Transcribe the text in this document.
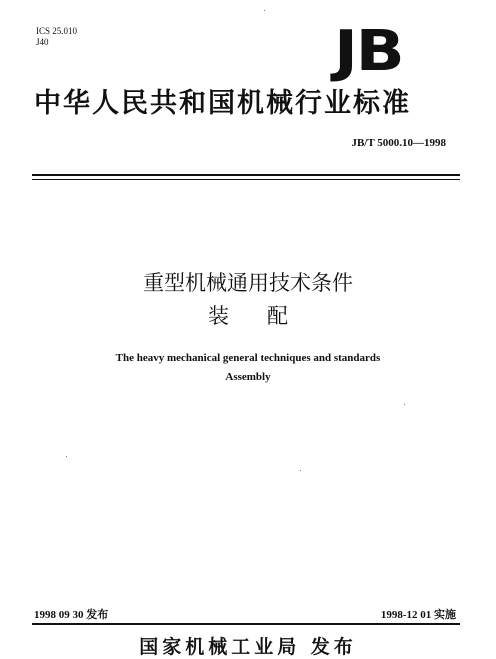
ICS 25.010
J40	JB
中华人民共和国机械行业标准
JB/T 5000.10—1998
重型机械通用技术条件
装配
The heavy mechanical general techniques and standards
Assembly
1998 09 30 发布	1998-12 01 实施
国家机械工业局 发布
